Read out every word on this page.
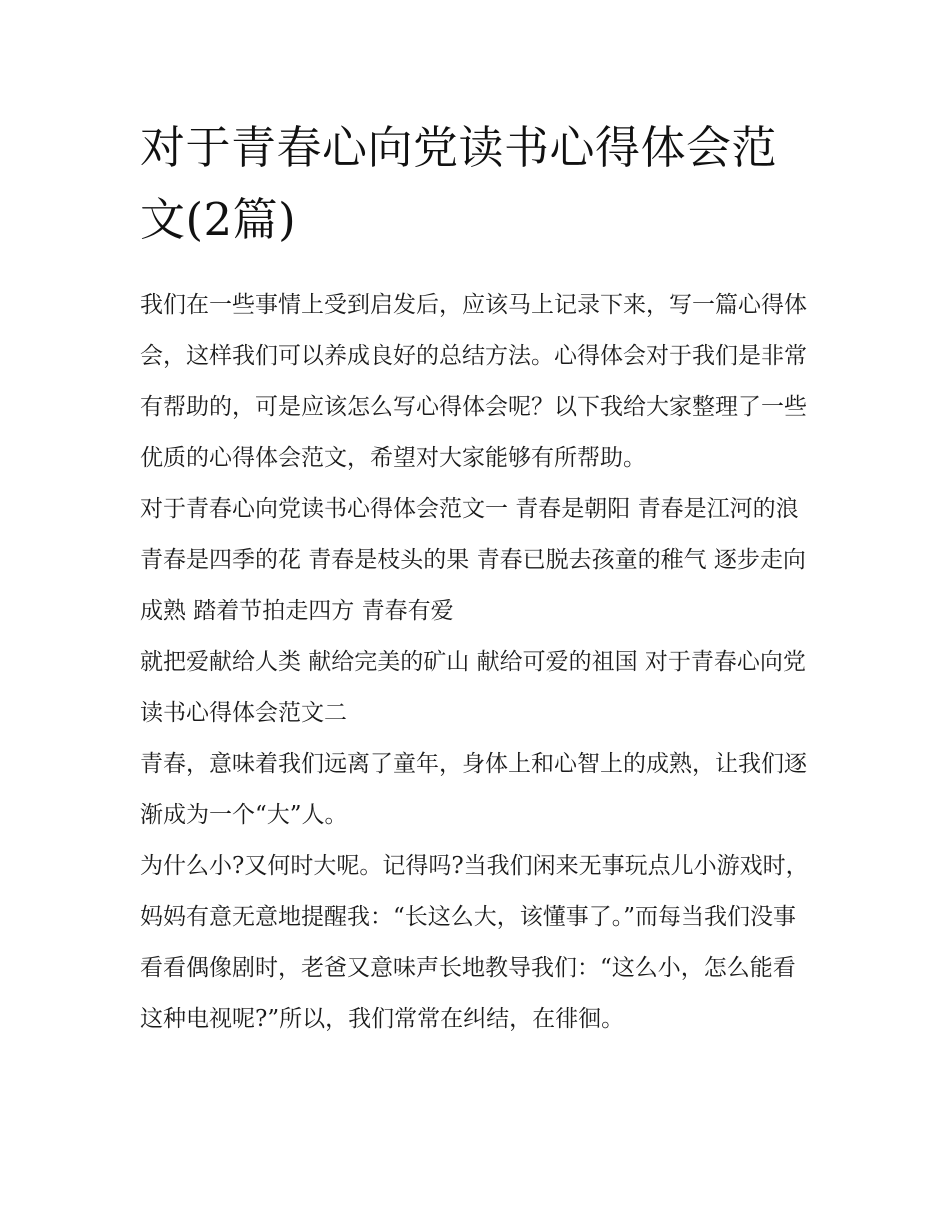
对于青春心向党读书心得体会范文(2篇)

我们在一些事情上受到启发后，应该马上记录下来，写一篇心得体会，这样我们可以养成良好的总结方法。心得体会对于我们是非常有帮助的，可是应该怎么写心得体会呢？以下我给大家整理了一些优质的心得体会范文，希望对大家能够有所帮助。

对于青春心向党读书心得体会范文一 青春是朝阳 青春是江河的浪 青春是四季的花 青春是枝头的果 青春已脱去孩童的稚气 逐步走向成熟 踏着节拍走四方 青春有爱

就把爱献给人类 献给完美的矿山 献给可爱的祖国 对于青春心向党读书心得体会范文二

青春，意味着我们远离了童年，身体上和心智上的成熟，让我们逐渐成为一个“大”人。

为什么小?又何时大呢。记得吗?当我们闲来无事玩点儿小游戏时，妈妈有意无意地提醒我：“长这么大，该懂事了。”而每当我们没事看看偶像剧时，老爸又意味声长地教导我们：“这么小，怎么能看这种电视呢?”所以，我们常常在纠结，在徘徊。
